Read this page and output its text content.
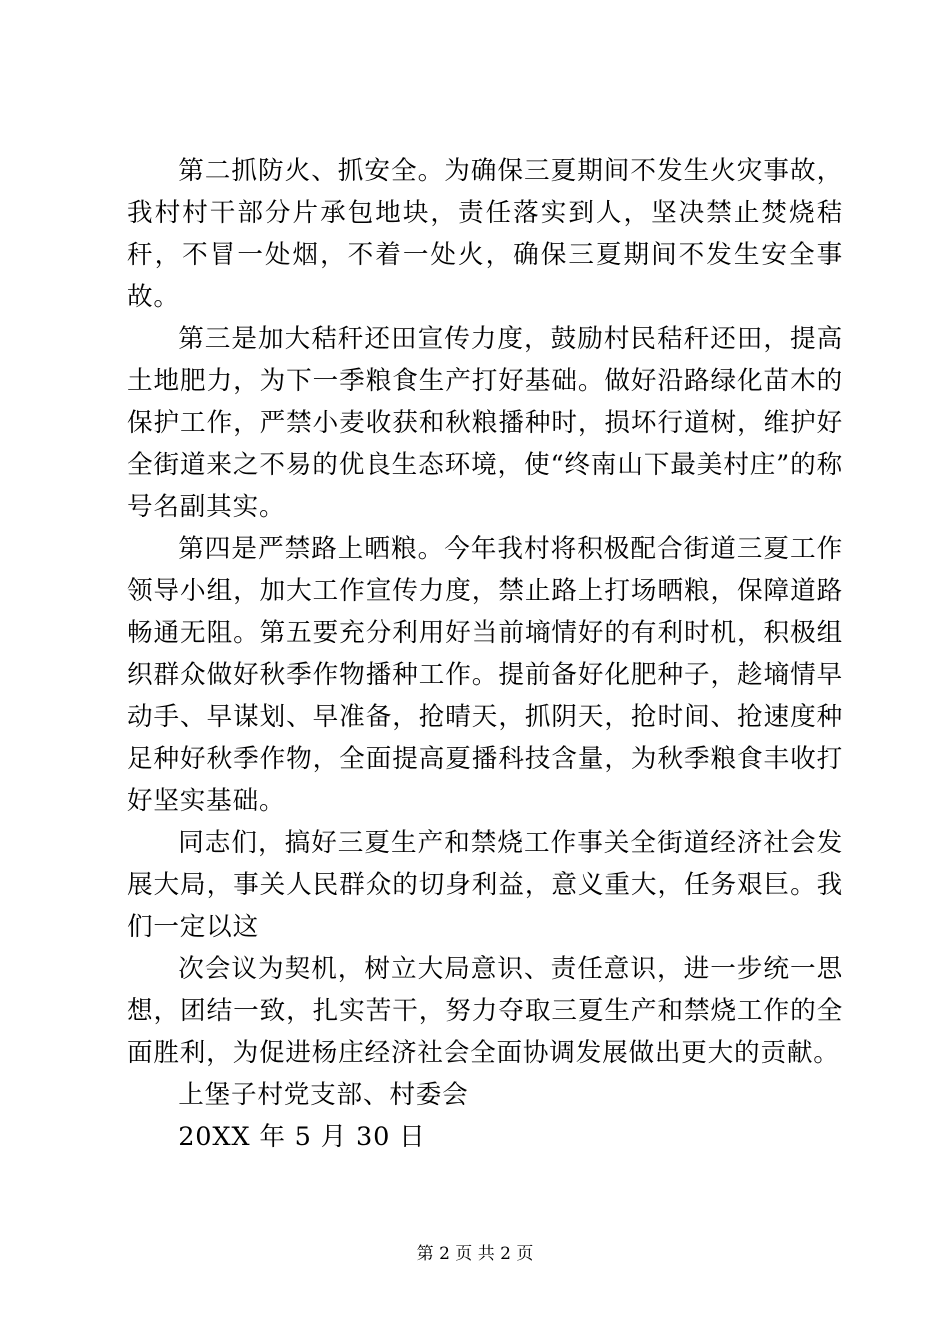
第二抓防火、抓安全。为确保三夏期间不发生火灾事故，我村村干部分片承包地块，责任落实到人，坚决禁止焚烧秸秆，不冒一处烟，不着一处火，确保三夏期间不发生安全事故。

第三是加大秸秆还田宣传力度，鼓励村民秸秆还田，提高土地肥力，为下一季粮食生产打好基础。做好沿路绿化苗木的保护工作，严禁小麦收获和秋粮播种时，损坏行道树，维护好全街道来之不易的优良生态环境，使“终南山下最美村庄”的称号名副其实。

第四是严禁路上晒粮。今年我村将积极配合街道三夏工作领导小组，加大工作宣传力度，禁止路上打场晒粮，保障道路畅通无阻。第五要充分利用好当前墒情好的有利时机，积极组织群众做好秋季作物播种工作。提前备好化肥种子，趁墒情早动手、早谋划、早准备，抢晴天，抓阴天，抢时间、抢速度种足种好秋季作物，全面提高夏播科技含量，为秋季粮食丰收打好坚实基础。

同志们，搞好三夏生产和禁烧工作事关全街道经济社会发展大局，事关人民群众的切身利益，意义重大，任务艰巨。我们一定以这

次会议为契机，树立大局意识、责任意识，进一步统一思想，团结一致，扎实苦干，努力夺取三夏生产和禁烧工作的全面胜利，为促进杨庄经济社会全面协调发展做出更大的贡献。

上堡子村党支部、村委会

20XX 年 5 月 30 日

第 2 页 共 2 页
